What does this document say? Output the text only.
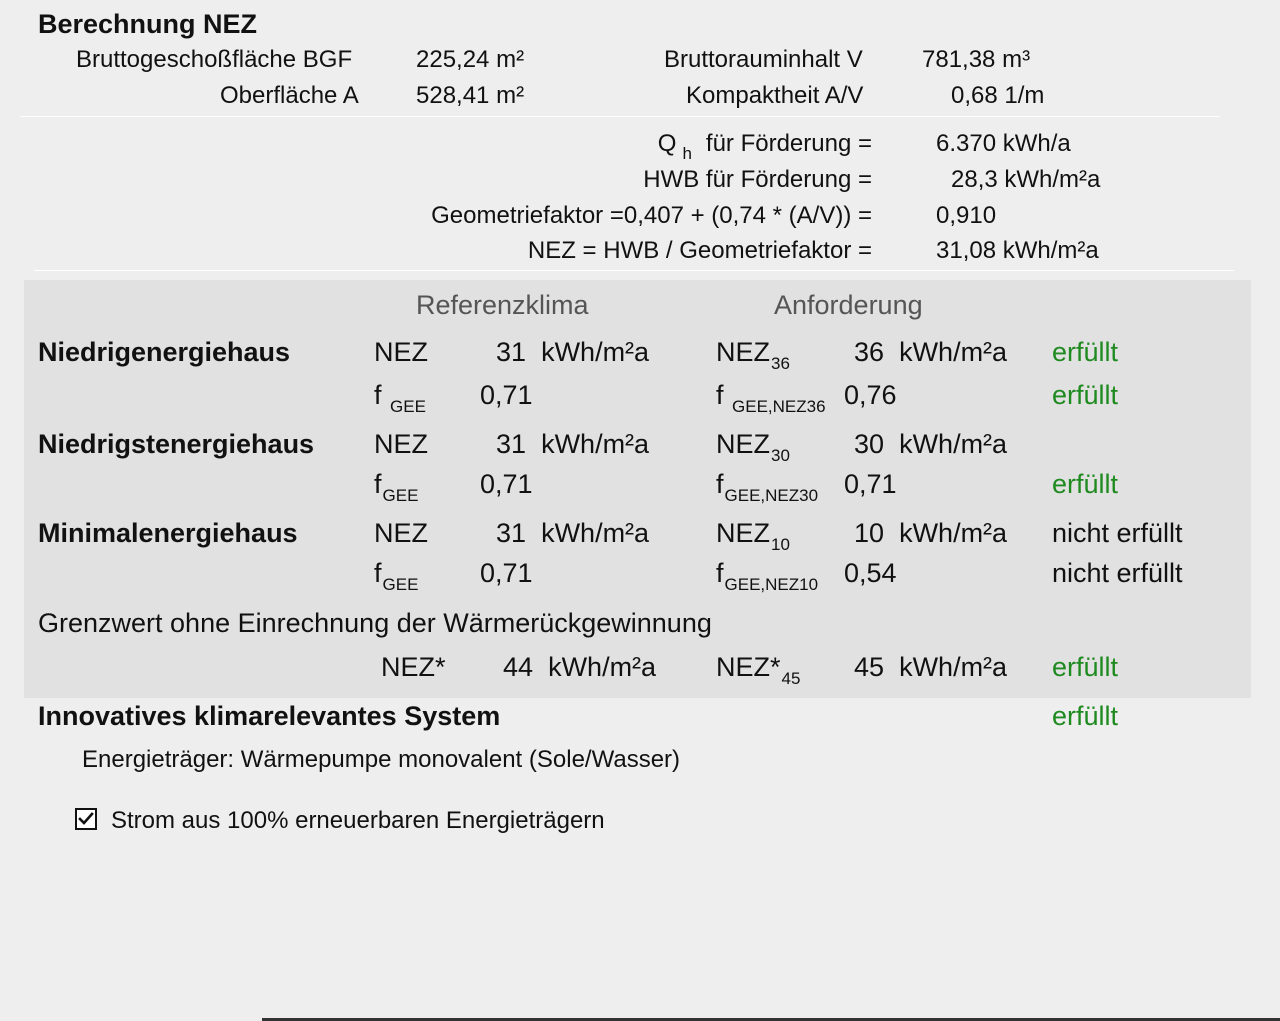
Berechnung NEZ
Bruttogeschoßfläche BGF	225,24 m²	Bruttorauminhalt V 781,38 m³
Oberfläche A 528,41 m²	Kompaktheit A/V	0,68 1/m
Q $_h$ für Förderung =	6.370 kWh/a
HWB für Förderung =	28,3 kWh/m²a
Geometriefaktor =0,407 + (0,74 * (A/V)) =	0,910
NEZ = HWB / Geometriefaktor =	31,08 kWh/m²a
Referenzklima	Anforderung
Niedrigenergiehaus	NEZ	31 kWh/m²a $NEZ_{36}$ 36 kWh/m²a erfüllt
f $_{GEE}$ 0,71	f $_{GEE,NEZ36}$ 0,76	erfüllt
Niedrigstenergiehaus NEZ	31 kWh/m²a $NEZ_{30}$ 30 kWh/m²a
$f_{GEE}$ 0,71	$f_{GEE,NEZ30}$ 0,71	erfüllt
Minimalenergiehaus	NEZ	31 kWh/m²a $NEZ_{10}$ 10 kWh/m²a nicht erfüllt
$f_{GEE}$ 0,71	$f_{GEE,NEZ10}$ 0,54	nicht erfüllt
Grenzwert ohne Einrechnung der Wärmerückgewinnung
NEZ* 44 kWh/m²a $NEZ*_{45}$ 45 kWh/m²a erfüllt
Innovatives klimarelevantes System	erfüllt
Energieträger: Wärmepumpe monovalent (Sole/Wasser)
Strom aus 100% erneuerbaren Energieträgern
